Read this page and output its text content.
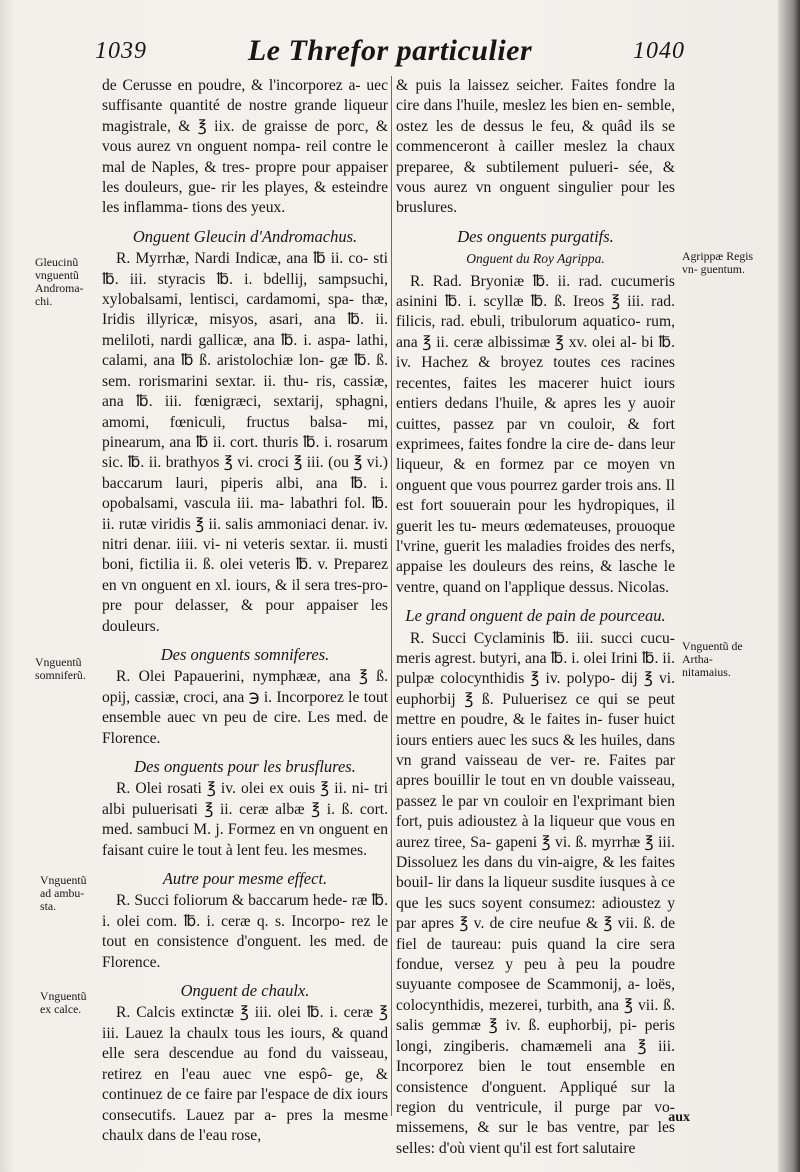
1039	Le Threfor particulier	1040

de Cerusse en poudre, & l'incorporez a- uec suffisante quantité de nostre grande liqueur magistrale, & ℥ iix. de graisse de porc, & vous aurez vn onguent nompa- reil contre le mal de Naples, & tres- propre pour appaiser les douleurs, gue- rir les playes, & esteindre les inflamma- tions des yeux.

Onguent Gleucin d'Andromachus.

R. Myrrhæ, Nardi Indicæ, ana ℔ ii. co- sti ℔. iii. styracis ℔. i. bdellij, sampsuchi, xylobalsami, lentisci, cardamomi, spa- thæ, Iridis illyricæ, misyos, asari, ana ℔. ii. meliloti, nardi gallicæ, ana ℔. i. aspa- lathi, calami, ana ℔ ß. aristolochiæ lon- gæ ℔. ß. sem. rorismarini sextar. ii. thu- ris, cassiæ, ana ℔. iii. fœnigræci, sextarij, sphagni, amomi, fœniculi, fructus balsa- mi, pinearum, ana ℔ ii. cort. thuris ℔. i. rosarum sic. ℔. ii. brathyos ℥ vi. croci ℥ iii. (ou ℥ vi.) baccarum lauri, piperis albi, ana ℔. i. opobalsami, vascula iii. ma- labathri fol. ℔. ii. rutæ viridis ℥ ii. salis ammoniaci denar. iv. nitri denar. iiii. vi- ni veteris sextar. ii. musti boni, fictilia ii. ß. olei veteris ℔. v. Preparez en vn onguent en xl. iours, & il sera tres-pro- pre pour delasser, & pour appaiser les douleurs.

Des onguents somniferes.

R. Olei Papauerini, nymphææ, ana ℥ ß. opij, cassiæ, croci, ana ℈ i. Incorporez le tout ensemble auec vn peu de cire. Les med. de Florence.

Des onguents pour les brusflures.

R. Olei rosati ℥ iv. olei ex ouis ℥ ii. ni- tri albi puluerisati ℥ ii. ceræ albæ ℥ i. ß. cort. med. sambuci M. j. Formez en vn onguent en faisant cuire le tout à lent feu. les mesmes.

Autre pour mesme effect.

R. Succi foliorum & baccarum hede- ræ ℔. i. olei com. ℔. i. ceræ q. s. Incorpo- rez le tout en consistence d'onguent. les med. de Florence.

Onguent de chaulx.

R. Calcis extinctæ ℥ iii. olei ℔. i. ceræ ℥ iii. Lauez la chaulx tous les iours, & quand elle sera descendue au fond du vaisseau, retirez en l'eau auec vne espô- ge, & continuez de ce faire par l'espace de dix iours consecutifs. Lauez par a- pres la mesme chaulx dans de l'eau rose,

& puis la laissez seicher. Faites fondre la cire dans l'huile, meslez les bien en- semble, ostez les de dessus le feu, & quâd ils se commenceront à cailler meslez la chaux preparee, & subtilement pulueri- sée, & vous aurez vn onguent singulier pour les bruslures.

Des onguents purgatifs.
Onguent du Roy Agrippa.

R. Rad. Bryoniæ ℔. ii. rad. cucumeris asinini ℔. i. scyllæ ℔. ß. Ireos ℥ iii. rad. filicis, rad. ebuli, tribulorum aquatico- rum, ana ℥ ii. ceræ albissimæ ℥ xv. olei al- bi ℔. iv. Hachez & broyez toutes ces racines recentes, faites les macerer huict iours entiers dedans l'huile, & apres les y auoir cuittes, passez par vn couloir, & fort exprimees, faites fondre la cire de- dans leur liqueur, & en formez par ce moyen vn onguent que vous pourrez garder trois ans. Il est fort souuerain pour les hydropiques, il guerit les tu- meurs œdemateuses, prouoque l'vrine, guerit les maladies froides des nerfs, appaise les douleurs des reins, & lasche le ventre, quand on l'applique dessus. Nicolas.

Le grand onguent de pain de pourceau.

R. Succi Cyclaminis ℔. iii. succi cucu- meris agrest. butyri, ana ℔. i. olei Irini ℔. ii. pulpæ colocynthidis ℥ iv. polypo- dij ℥ vi. euphorbij ℥ ß. Puluerisez ce qui se peut mettre en poudre, & le faites in- fuser huict iours entiers auec les sucs & les huiles, dans vn grand vaisseau de ver- re. Faites par apres bouillir le tout en vn double vaisseau, passez le par vn couloir en l'exprimant bien fort, puis adioustez à la liqueur que vous en aurez tiree, Sa- gapeni ℥ vi. ß. myrrhæ ℥ iii. Dissoluez les dans du vin-aigre, & les faites bouil- lir dans la liqueur susdite iusques à ce que les sucs soyent consumez: adioustez y par apres ℥ v. de cire neufue & ℥ vii. ß. de fiel de taureau: puis quand la cire sera fondue, versez y peu à peu la poudre suyuante composee de Scammonij, a- loës, colocynthidis, mezerei, turbith, ana ℥ vii. ß. salis gemmæ ℥ iv. ß. euphorbij, pi- peris longi, zingiberis. chamæmeli ana ℥ iii. Incorporez bien le tout ensemble en consistence d'onguent. Appliqué sur la region du ventricule, il purge par vo- missemens, & sur le bas ventre, par les selles: d'où vient qu'il est fort salutaire

Gleucinũ vnguentũ Androma- chi.
Vnguentũ somniferũ.
Vnguentũ ad ambu- sta.
Vnguentũ ex calce.
Agrippæ Regis vn- guentum.
Vnguentũ de Artha- nitamaius.
aux
